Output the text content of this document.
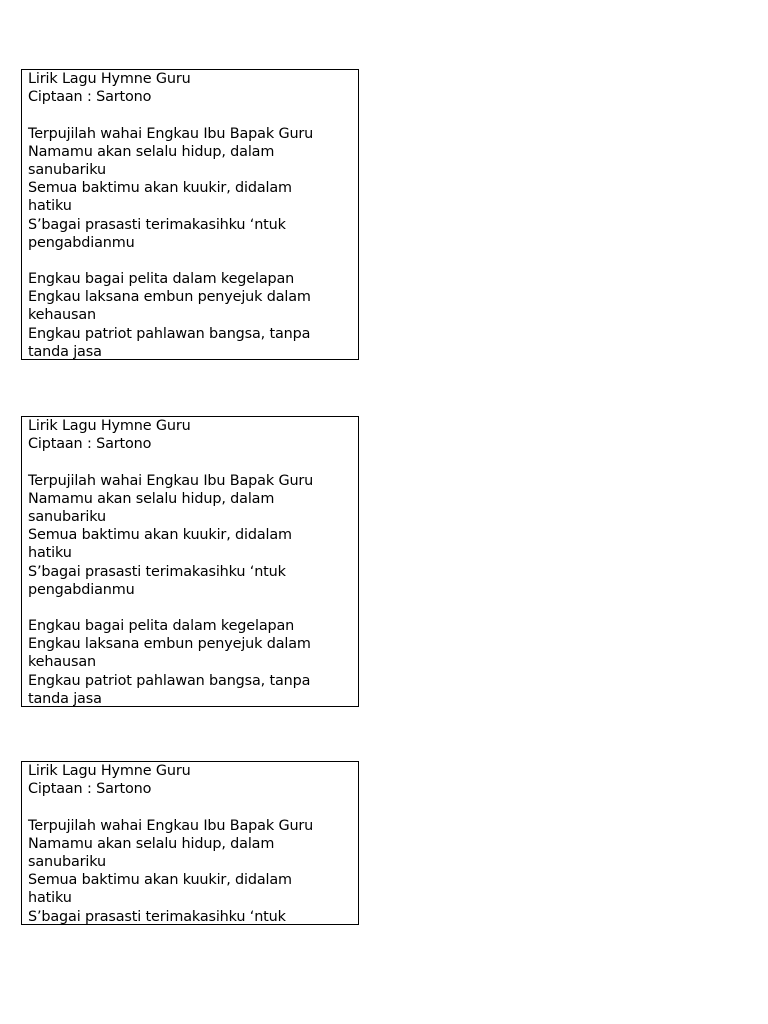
Lirik Lagu Hymne Guru
Ciptaan : Sartono
Terpujilah wahai Engkau Ibu Bapak Guru
Namamu akan selalu hidup, dalam
sanubariku
Semua baktimu akan kuukir, didalam
hatiku
S’bagai prasasti terimakasihku ‘ntuk
pengabdianmu
Engkau bagai pelita dalam kegelapan
Engkau laksana embun penyejuk dalam
kehausan
Engkau patriot pahlawan bangsa, tanpa
tanda jasa
Lirik Lagu Hymne Guru
Ciptaan : Sartono
Terpujilah wahai Engkau Ibu Bapak Guru
Namamu akan selalu hidup, dalam
sanubariku
Semua baktimu akan kuukir, didalam
hatiku
S’bagai prasasti terimakasihku ‘ntuk
pengabdianmu
Engkau bagai pelita dalam kegelapan
Engkau laksana embun penyejuk dalam
kehausan
Engkau patriot pahlawan bangsa, tanpa
tanda jasa
Lirik Lagu Hymne Guru
Ciptaan : Sartono
Terpujilah wahai Engkau Ibu Bapak Guru
Namamu akan selalu hidup, dalam
sanubariku
Semua baktimu akan kuukir, didalam
hatiku
S’bagai prasasti terimakasihku ‘ntuk
